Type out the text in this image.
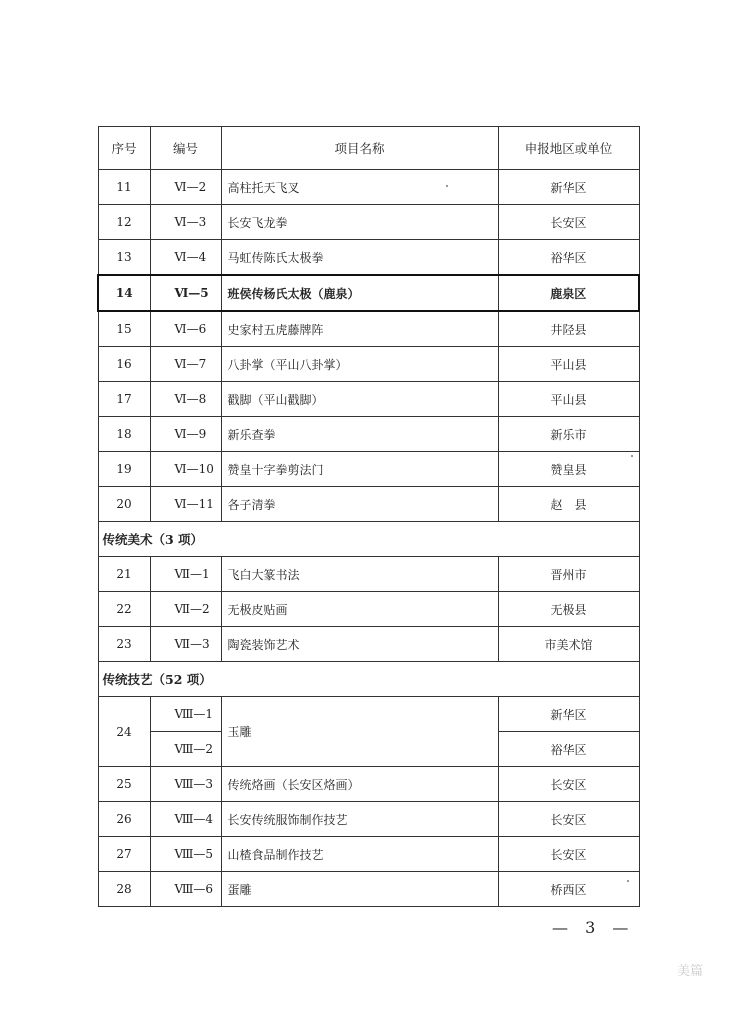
序号	编号	项目名称	申报地区或单位
11	Ⅵ—2	高柱托天飞叉	新华区
12	Ⅵ—3	长安飞龙拳	长安区
13	Ⅵ—4	马虹传陈氏太极拳	裕华区
14	Ⅵ—5	班侯传杨氏太极（鹿泉）	鹿泉区
15	Ⅵ—6	史家村五虎藤牌阵	井陉县
16	Ⅵ—7	八卦掌（平山八卦掌）	平山县
17	Ⅵ—8	戳脚（平山戳脚）	平山县
18	Ⅵ—9	新乐查拳	新乐市
19	Ⅵ—10	赞皇十字拳剪法门	赞皇县
20	Ⅵ—11	各子清拳	赵　县
传统美术（3 项）			
21	Ⅶ—1	飞白大篆书法	晋州市
22	Ⅶ—2	无极皮贴画	无极县
23	Ⅶ—3	陶瓷装饰艺术	市美术馆
传统技艺（52 项）			
24	Ⅷ—1	玉雕	新华区
	Ⅷ—2		裕华区
25	Ⅷ—3	传统烙画（长安区烙画）	长安区
26	Ⅷ—4	长安传统服饰制作技艺	长安区
27	Ⅷ—5	山楂食品制作技艺	长安区
28	Ⅷ—6	蛋雕	桥西区
— 3 —
美篇
